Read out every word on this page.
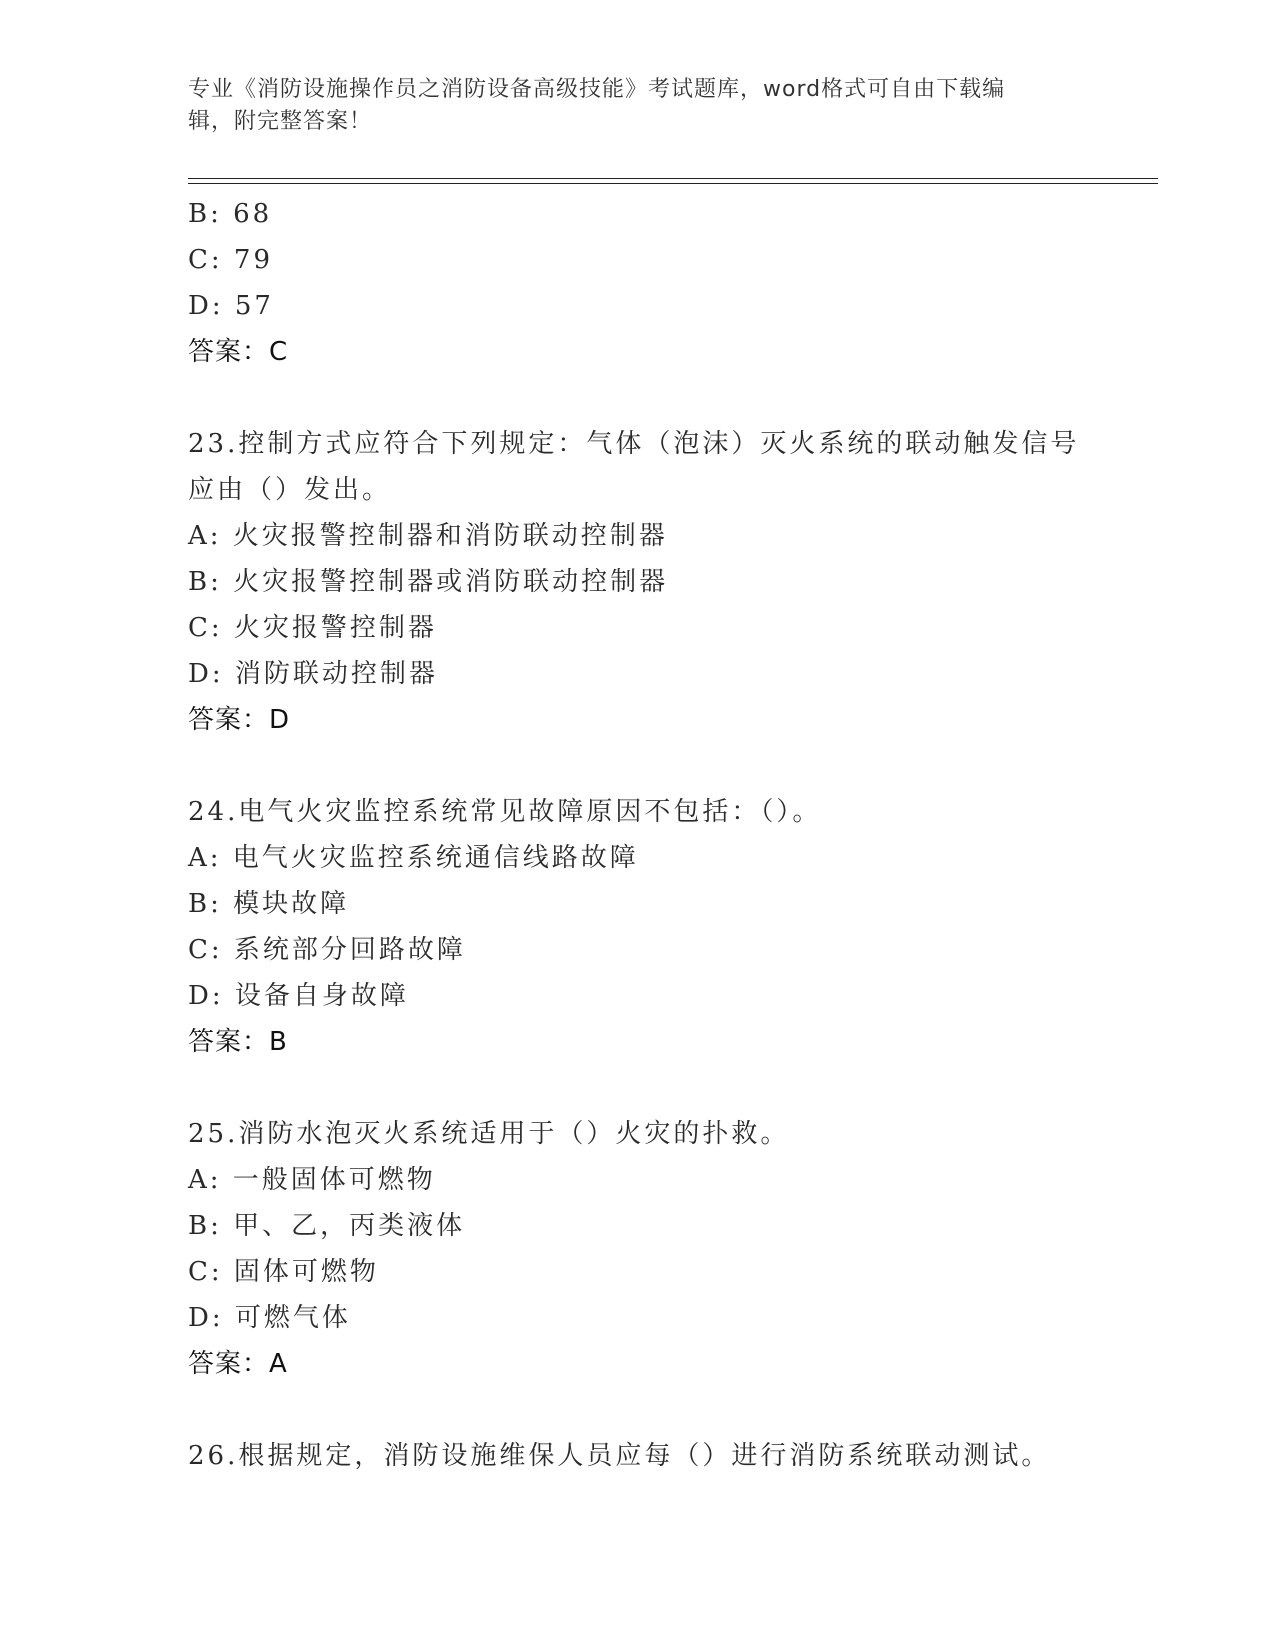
专业《消防设施操作员之消防设备高级技能》考试题库，word格式可自由下载编
辑，附完整答案！
B: 68
C: 79
D: 57
答案：C
23.控制方式应符合下列规定：气体（泡沫）灭火系统的联动触发信号
应由（）发出。
A: 火灾报警控制器和消防联动控制器
B: 火灾报警控制器或消防联动控制器
C: 火灾报警控制器
D: 消防联动控制器
答案：D
24.电气火灾监控系统常见故障原因不包括：（）。
A: 电气火灾监控系统通信线路故障
B: 模块故障
C: 系统部分回路故障
D: 设备自身故障
答案：B
25.消防水泡灭火系统适用于（）火灾的扑救。
A: 一般固体可燃物
B: 甲、乙，丙类液体
C: 固体可燃物
D: 可燃气体
答案：A
26.根据规定，消防设施维保人员应每（）进行消防系统联动测试。
